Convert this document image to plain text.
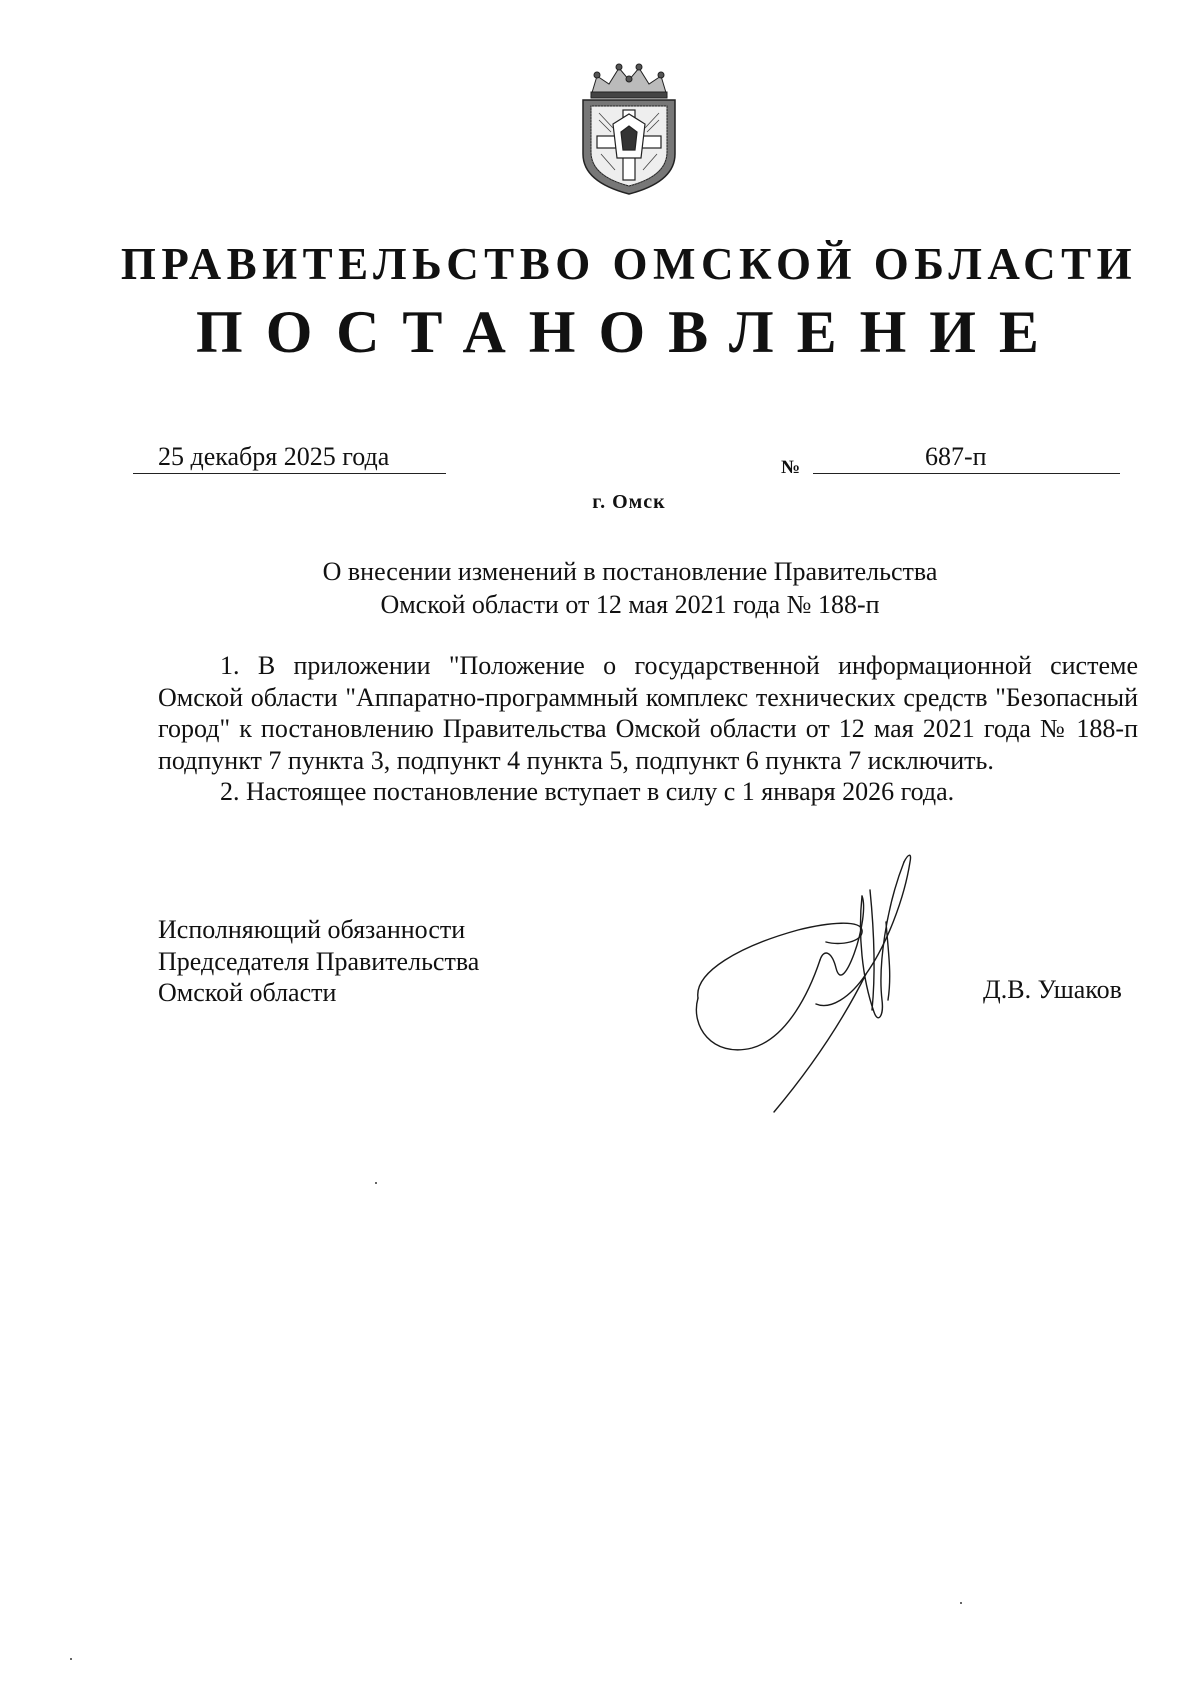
ПРАВИТЕЛЬСТВО ОМСКОЙ ОБЛАСТИ
ПОСТАНОВЛЕНИЕ
25 декабря 2025 года	№	687-п
г. Омск
О внесении изменений в постановление Правительства
Омской области от 12 мая 2021 года № 188-п

1. В приложении "Положение о государственной информационной системе Омской области "Аппаратно-программный комплекс технических средств "Безопасный город" к постановлению Правительства Омской области от 12 мая 2021 года № 188-п подпункт 7 пункта 3, подпункт 4 пункта 5, подпункт 6 пункта 7 исключить.

2. Настоящее постановление вступает в силу с 1 января 2026 года.

Исполняющий обязанности
Председателя Правительства
Омской области	Д.В. Ушаков
